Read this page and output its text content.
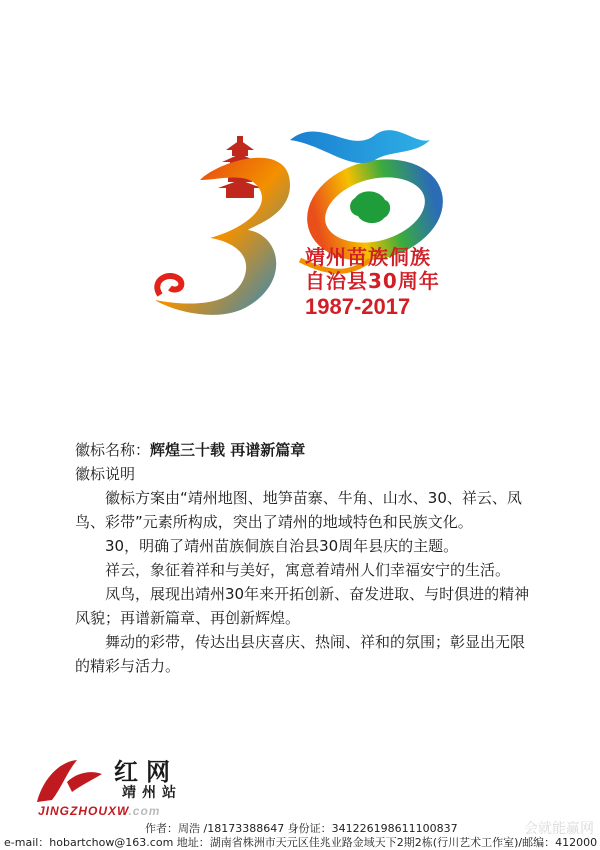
靖州苗族侗族
自治县30周年
1987-2017

徽标名称：辉煌三十载 再谱新篇章

徽标说明

徽标方案由“靖州地图、地笋苗寨、牛角、山水、30、祥云、凤鸟、彩带”元素所构成，突出了靖州的地域特色和民族文化。

30，明确了靖州苗族侗族自治县30周年县庆的主题。

祥云，象征着祥和与美好，寓意着靖州人们幸福安宁的生活。

凤鸟，展现出靖州30年来开拓创新、奋发进取、与时俱进的精神风貌；再谱新篇章、再创新辉煌。

舞动的彩带，传达出县庆喜庆、热闹、祥和的氛围；彰显出无限的精彩与活力。

红网
靖州站
JINGZHOUXW.com
会就能赢网
作者：周浩 /18173388647 身份证：341226198611100837
e-mail：hobartchow@163.com 地址：湖南省株洲市天元区佳兆业路金域天下2期2栋(行川艺术工作室)/邮编：412000
